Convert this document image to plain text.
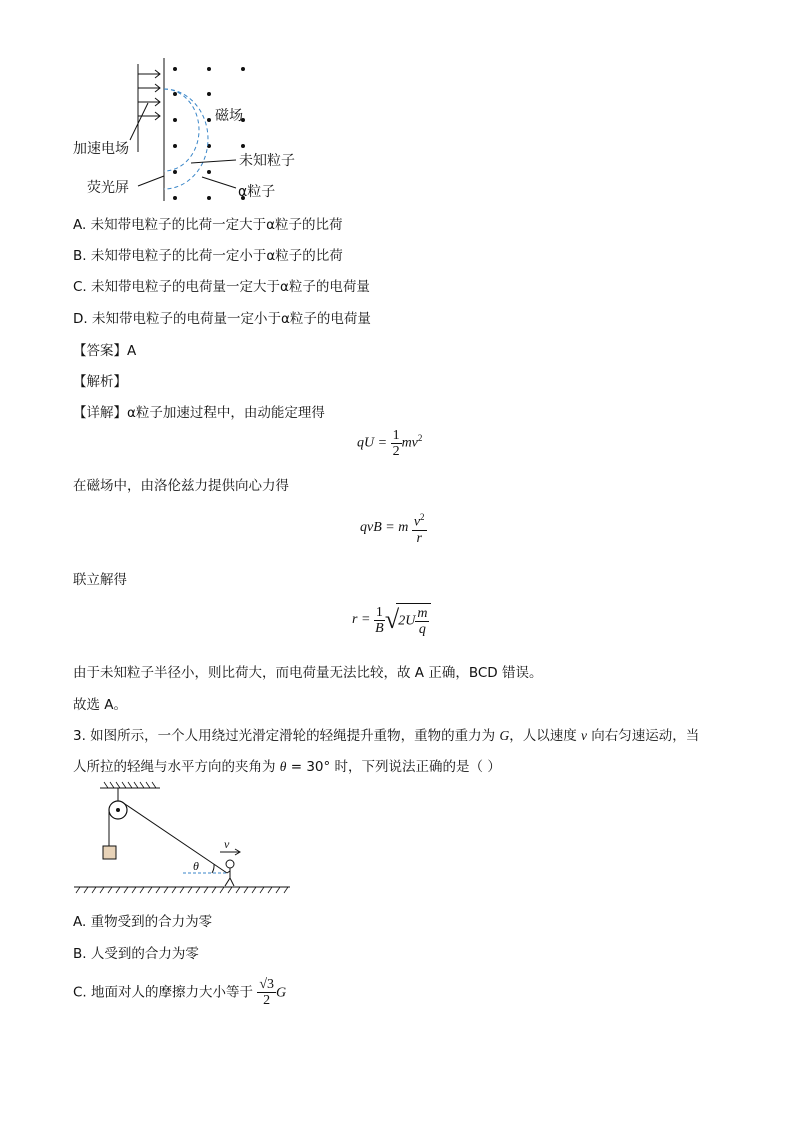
磁场
加速电场
未知粒子
荧光屏	α粒子
A. 未知带电粒子的比荷一定大于α粒子的比荷
B. 未知带电粒子的比荷一定小于α粒子的比荷
C. 未知带电粒子的电荷量一定大于α粒子的电荷量
D. 未知带电粒子的电荷量一定小于α粒子的电荷量
【答案】A
【解析】
【详解】α粒子加速过程中，由动能定理得
qU = $\frac{1}{2} mv^2$
在磁场中，由洛伦兹力提供向心力得
qvB = m $\frac{v^2}{r}$
联立解得
$r = \frac{1}{B} √2U \frac{m}{q}$
由于未知粒子半径小，则比荷大，而电荷量无法比较，故 A 正确，BCD 错误。
故选 A。
3. 如图所示，一个人用绕过光滑定滑轮的轻绳提升重物，重物的重力为 G，人以速度 v 向右匀速运动，当
人所拉的轻绳与水平方向的夹角为 θ = 30° 时，下列说法正确的是（ ）
v
θ
A. 重物受到的合力为零
B. 人受到的合力为零
C. 地面对人的摩擦力大小等于 $\frac{√3}{2}$ G
